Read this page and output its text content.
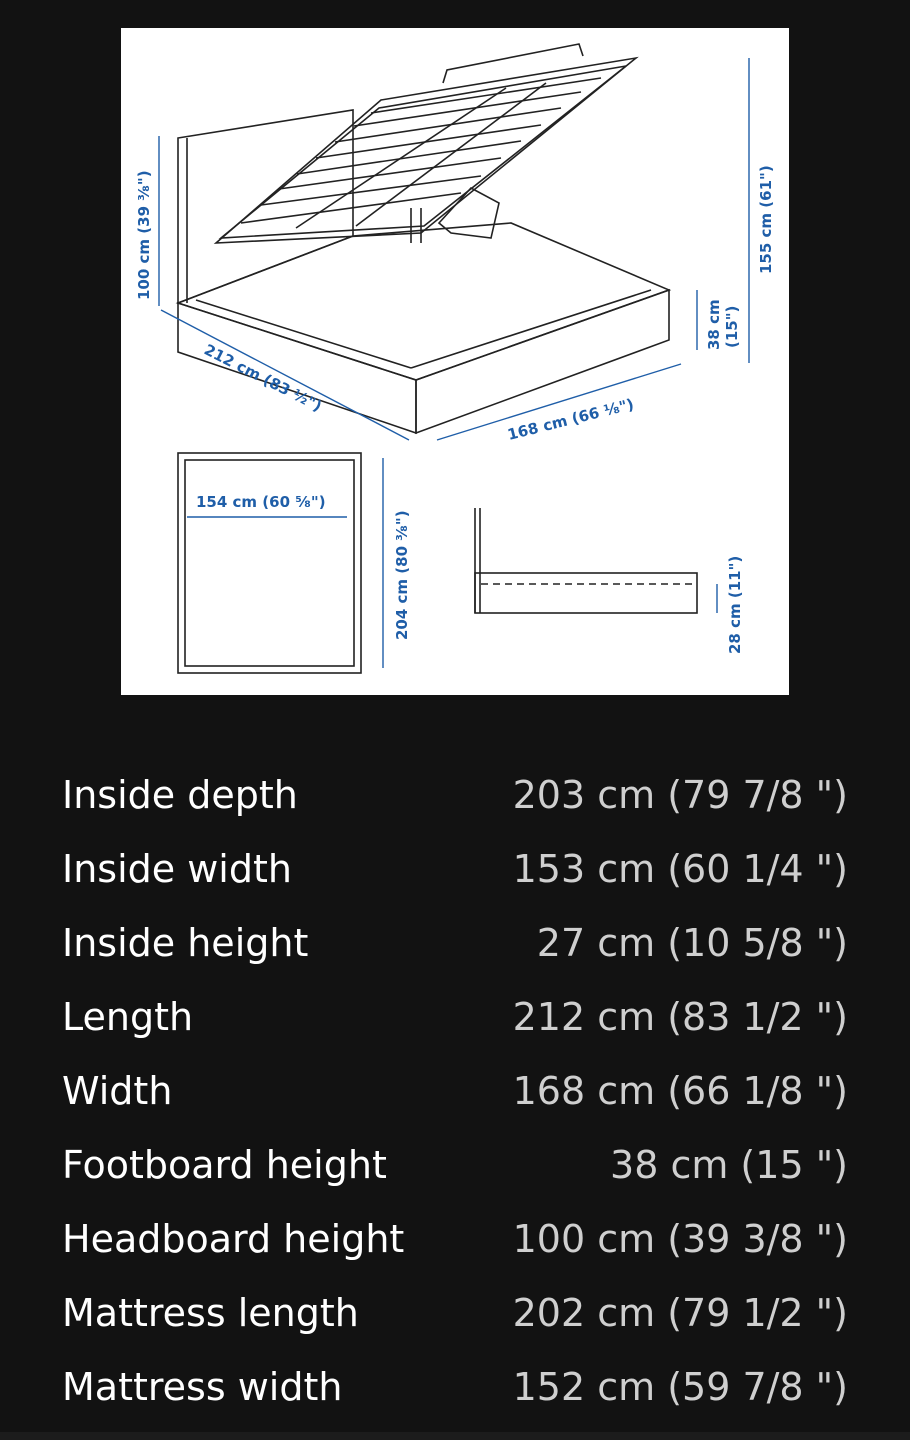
100 cm (39 ³⁄₈")
212 cm (83 ½")
168 cm (66 ¹⁄₈")
38 cm (15")
155 cm (61")
154 cm (60 ⁵⁄₈")
204 cm (80 ³⁄₈")	28 cm (11")
Inside depth	203 cm (79 7/8 ")
Inside width	153 cm (60 1/4 ")
Inside height	27 cm (10 5/8 ")
Length	212 cm (83 1/2 ")
Width	168 cm (66 1/8 ")
Footboard height	38 cm (15 ")
Headboard height	100 cm (39 3/8 ")
Mattress length	202 cm (79 1/2 ")
Mattress width	152 cm (59 7/8 ")
